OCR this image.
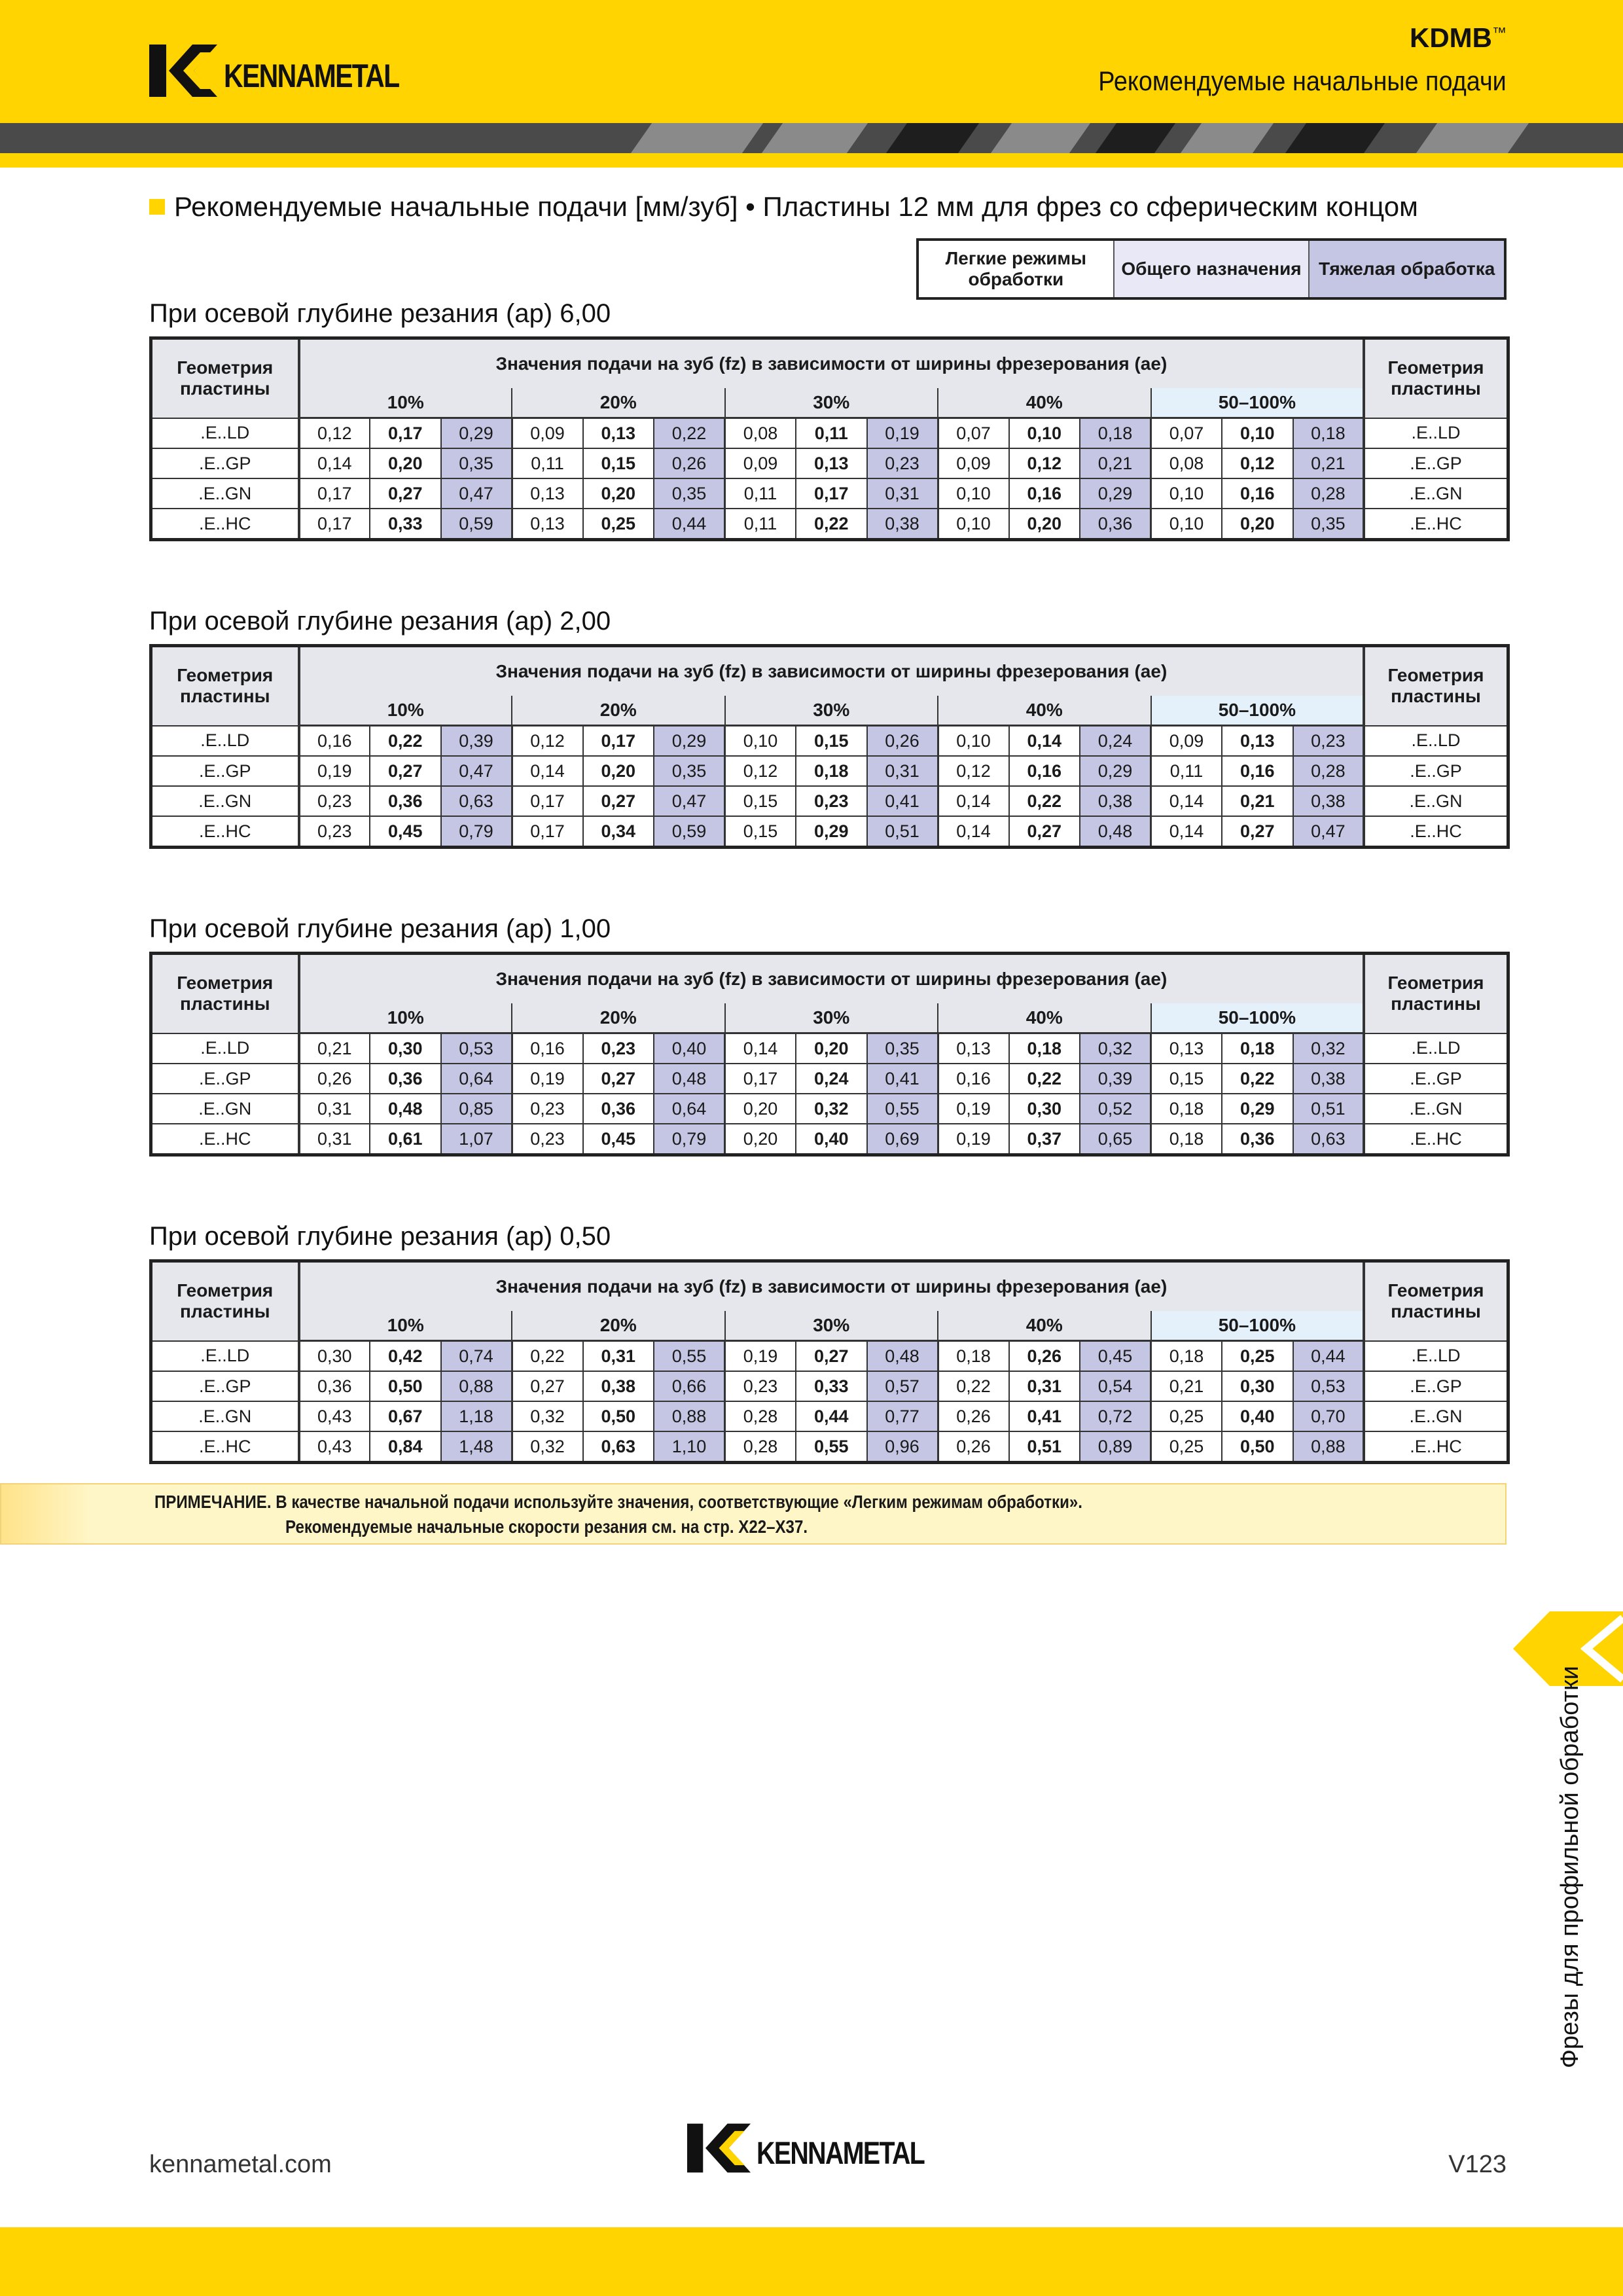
KENNAMETAL
KDMB™
Рекомендуемые начальные подачи
Рекомендуемые начальные подачи [мм/зуб] • Пластины 12 мм для фрез со сферическим концом
Легкие режимы обработки
Общего назначения Тяжелая обработка
При осевой глубине резания (ap) 6,00
Геометрия пластины	Значения подачи на зуб (fz) в зависимости от ширины фрезерования (ae)															Геометрия пластины
	10%			20%			30%			40%			50–100%			
.E..LD	0,12	0,17	0,29	0,09	0,13	0,22	0,08	0,11	0,19	0,07	0,10	0,18	0,07	0,10	0,18	.E..LD
.E..GP	0,14	0,20	0,35	0,11	0,15	0,26	0,09	0,13	0,23	0,09	0,12	0,21	0,08	0,12	0,21	.E..GP
.E..GN	0,17	0,27	0,47	0,13	0,20	0,35	0,11	0,17	0,31	0,10	0,16	0,29	0,10	0,16	0,28	.E..GN
.E..HC	0,17	0,33	0,59	0,13	0,25	0,44	0,11	0,22	0,38	0,10	0,20	0,36	0,10	0,20	0,35	.E..HC
При осевой глубине резания (ap) 2,00
Геометрия пластины	Значения подачи на зуб (fz) в зависимости от ширины фрезерования (ae)															Геометрия пластины
	10%			20%			30%			40%			50–100%			
.E..LD	0,16	0,22	0,39	0,12	0,17	0,29	0,10	0,15	0,26	0,10	0,14	0,24	0,09	0,13	0,23	.E..LD
.E..GP	0,19	0,27	0,47	0,14	0,20	0,35	0,12	0,18	0,31	0,12	0,16	0,29	0,11	0,16	0,28	.E..GP
.E..GN	0,23	0,36	0,63	0,17	0,27	0,47	0,15	0,23	0,41	0,14	0,22	0,38	0,14	0,21	0,38	.E..GN
.E..HC	0,23	0,45	0,79	0,17	0,34	0,59	0,15	0,29	0,51	0,14	0,27	0,48	0,14	0,27	0,47	.E..HC
При осевой глубине резания (ap) 1,00
Геометрия пластины	Значения подачи на зуб (fz) в зависимости от ширины фрезерования (ae)															Геометрия пластины
	10%			20%			30%			40%			50–100%			
.E..LD	0,21	0,30	0,53	0,16	0,23	0,40	0,14	0,20	0,35	0,13	0,18	0,32	0,13	0,18	0,32	.E..LD
.E..GP	0,26	0,36	0,64	0,19	0,27	0,48	0,17	0,24	0,41	0,16	0,22	0,39	0,15	0,22	0,38	.E..GP
.E..GN	0,31	0,48	0,85	0,23	0,36	0,64	0,20	0,32	0,55	0,19	0,30	0,52	0,18	0,29	0,51	.E..GN
.E..HC	0,31	0,61	1,07	0,23	0,45	0,79	0,20	0,40	0,69	0,19	0,37	0,65	0,18	0,36	0,63	.E..HC
При осевой глубине резания (ap) 0,50
Геометрия пластины	Значения подачи на зуб (fz) в зависимости от ширины фрезерования (ae)															Геометрия пластины
	10%			20%			30%			40%			50–100%			
.E..LD	0,30	0,42	0,74	0,22	0,31	0,55	0,19	0,27	0,48	0,18	0,26	0,45	0,18	0,25	0,44	.E..LD
.E..GP	0,36	0,50	0,88	0,27	0,38	0,66	0,23	0,33	0,57	0,22	0,31	0,54	0,21	0,30	0,53	.E..GP
.E..GN	0,43	0,67	1,18	0,32	0,50	0,88	0,28	0,44	0,77	0,26	0,41	0,72	0,25	0,40	0,70	.E..GN
.E..HC	0,43	0,84	1,48	0,32	0,63	1,10	0,28	0,55	0,96	0,26	0,51	0,89	0,25	0,50	0,88	.E..HC
ПРИМЕЧАНИЕ. В качестве начальной подачи используйте значения, соответствующие «Легким режимам обработки».
Рекомендуемые начальные скорости резания см. на стр. X22–X37.
Фрезы для профильной обработки
kennametal.com	KENNAMETAL	V123
